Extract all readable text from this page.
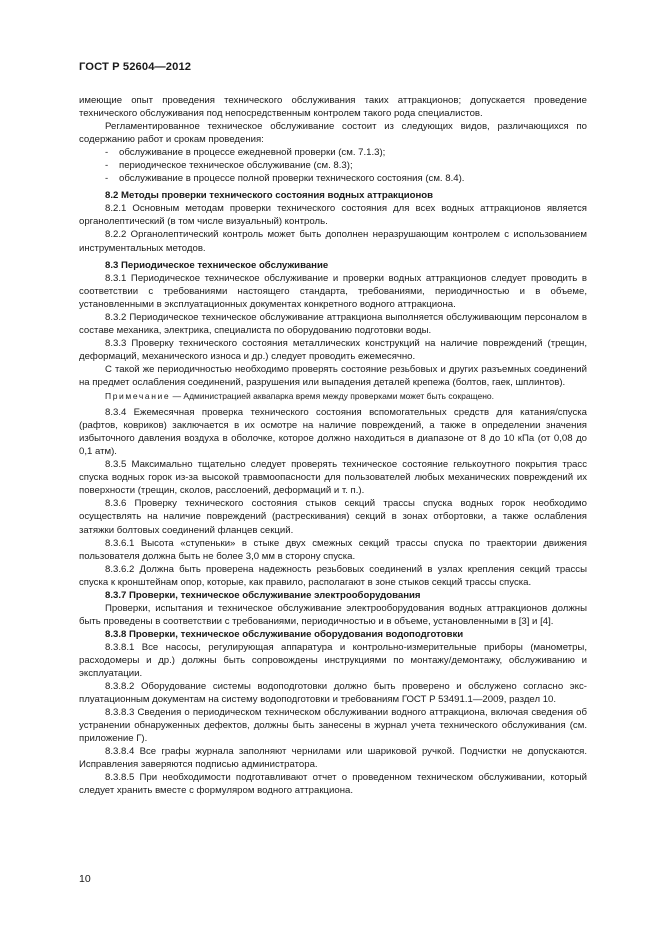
ГОСТ Р 52604—2012

имеющие опыт проведения технического обслуживания таких аттракционов; допускается проведение технического обслуживания под непосредственным контролем такого рода специалистов.

Регламентированное техническое обслуживание состоит из следующих видов, различающихся по содержанию работ и срокам проведения:

-	обслуживание в процессе ежедневной проверки (см. 7.1.3);
-	периодическое техническое обслуживание (см. 8.3);
-	обслуживание в процессе полной проверки технического состояния (см. 8.4).

8.2 Методы проверки технического состояния водных аттракционов

8.2.1 Основным методам проверки технического состояния для всех водных аттракционов является органолептический (в том числе визуальный) контроль.

8.2.2 Органолептический контроль может быть дополнен неразрушающим контролем с использованием инструментальных методов.

8.3 Периодическое техническое обслуживание

8.3.1 Периодическое техническое обслуживание и проверки водных аттракционов следует проводить в соответствии с требованиями настоящего стандарта, требованиями, периодичностью и в объеме, установленными в эксплуатационных документах конкретного водного аттракциона.

8.3.2 Периодическое техническое обслуживание аттракциона выполняется обслуживающим персоналом в составе механика, электрика, специалиста по оборудованию подготовки воды.

8.3.3 Проверку технического состояния металлических конструкций на наличие повреждений (трещин, деформаций, механического износа и др.) следует проводить ежемесячно.

С такой же периодичностью необходимо проверять состояние резьбовых и других разъемных соединений на предмет ослабления соединений, разрушения или выпадения деталей крепежа (болтов, гаек, шплинтов).

Примечание — Администрацией аквапарка время между проверками может быть сокращено.

8.3.4 Ежемесячная проверка технического состояния вспомогательных средств для катания/спуска (рафтов, ковриков) заключается в их осмотре на наличие повреждений, а также в определении значения избыточного давления воздуха в оболочке, которое должно находиться в диапазоне от 8 до 10 кПа (от 0,08 до 0,1 атм).

8.3.5 Максимально тщательно следует проверять техническое состояние гелькоутного покрытия трасс спуска водных горок из-за высокой травмоопасности для пользователей любых механических повреждений их поверхности (трещин, сколов, расслоений, деформаций и т. п.).

8.3.6 Проверку технического состояния стыков секций трассы спуска водных горок необходимо осуществлять на наличие повреждений (растрескивания) секций в зонах отбортовки, а также ослабления затяжки болтовых соединений фланцев секций.

8.3.6.1 Высота «ступеньки» в стыке двух смежных секций трассы спуска по траектории движения пользователя должна быть не более 3,0 мм в сторону спуска.

8.3.6.2 Должна быть проверена надежность резьбовых соединений в узлах крепления секций трассы спуска к кронштейнам опор, которые, как правило, располагают в зоне стыков секций трассы спуска.

8.3.7 Проверки, техническое обслуживание электрооборудования

Проверки, испытания и техническое обслуживание электрооборудования водных аттракционов должны быть проведены в соответствии с требованиями, периодичностью и в объеме, установленными в [3] и [4].

8.3.8 Проверки, техническое обслуживание оборудования водоподготовки

8.3.8.1 Все насосы, регулирующая аппаратура и контрольно-измерительные приборы (манометры, расходомеры и др.) должны быть сопровождены инструкциями по монтажу/демонтажу, обслуживанию и эксплуатации.

8.3.8.2 Оборудование системы водоподготовки должно быть проверено и обслужено согласно эксплуатационным документам на систему водоподготовки и требованиям ГОСТ Р 53491.1—2009, раздел 10.

8.3.8.3 Сведения о периодическом техническом обслуживании водного аттракциона, включая сведения об устранении обнаруженных дефектов, должны быть занесены в журнал учета технического обслуживания (см. приложение Г).

8.3.8.4 Все графы журнала заполняют чернилами или шариковой ручкой. Подчистки не допускаются. Исправления заверяются подписью администратора.

8.3.8.5 При необходимости подготавливают отчет о проведенном техническом обслуживании, который следует хранить вместе с формуляром водного аттракциона.

10
